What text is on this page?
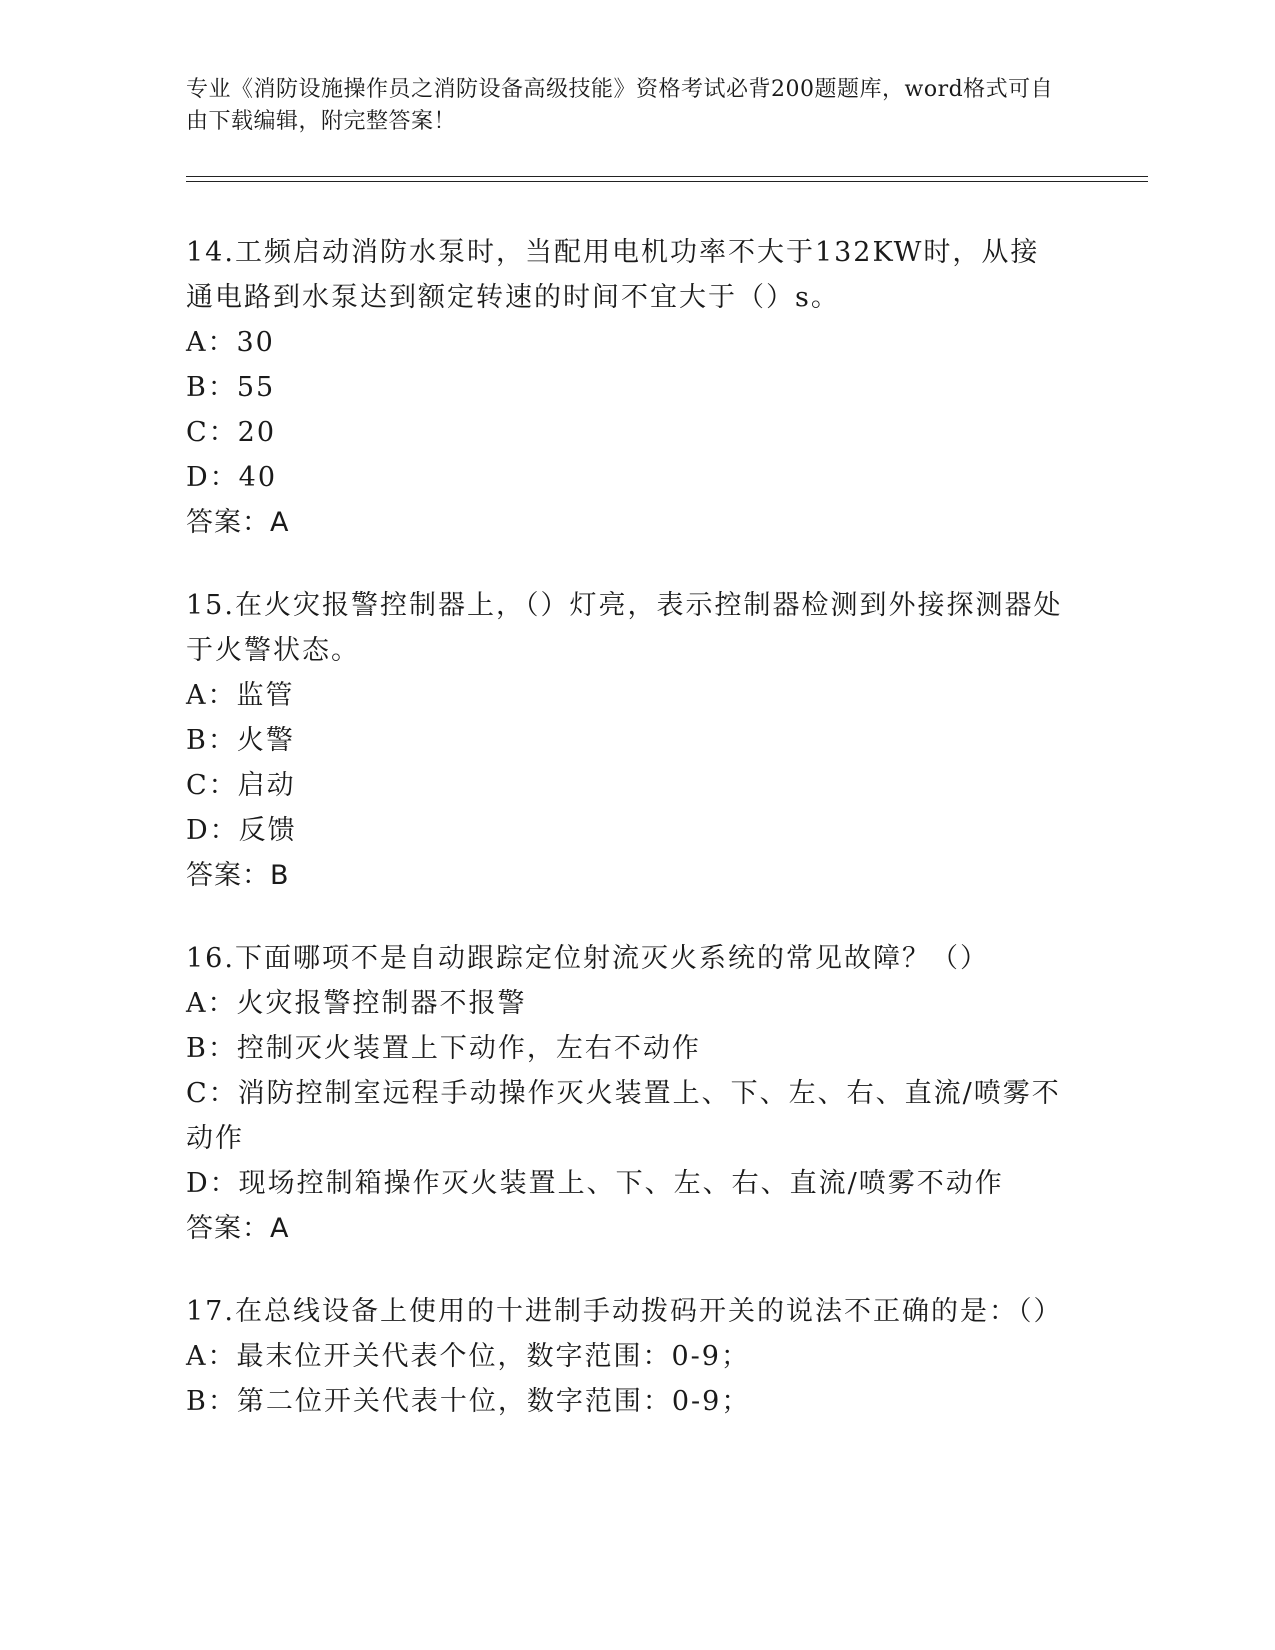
专业《消防设施操作员之消防设备高级技能》资格考试必背200题题库，word格式可自由下载编辑，附完整答案！

14.工频启动消防水泵时，当配用电机功率不大于132KW时，从接通电路到水泵达到额定转速的时间不宜大于（）s。

A：30

B：55

C：20

D：40

答案：A

15.在火灾报警控制器上，（）灯亮，表示控制器检测到外接探测器处于火警状态。

A：监管

B：火警

C：启动

D：反馈

答案：B

16.下面哪项不是自动跟踪定位射流灭火系统的常见故障？（）

A：火灾报警控制器不报警

B：控制灭火装置上下动作，左右不动作

C：消防控制室远程手动操作灭火装置上、下、左、右、直流/喷雾不动作

D：现场控制箱操作灭火装置上、下、左、右、直流/喷雾不动作

答案：A

17.在总线设备上使用的十进制手动拨码开关的说法不正确的是：（）

A：最末位开关代表个位，数字范围：0-9；

B：第二位开关代表十位，数字范围：0-9；
